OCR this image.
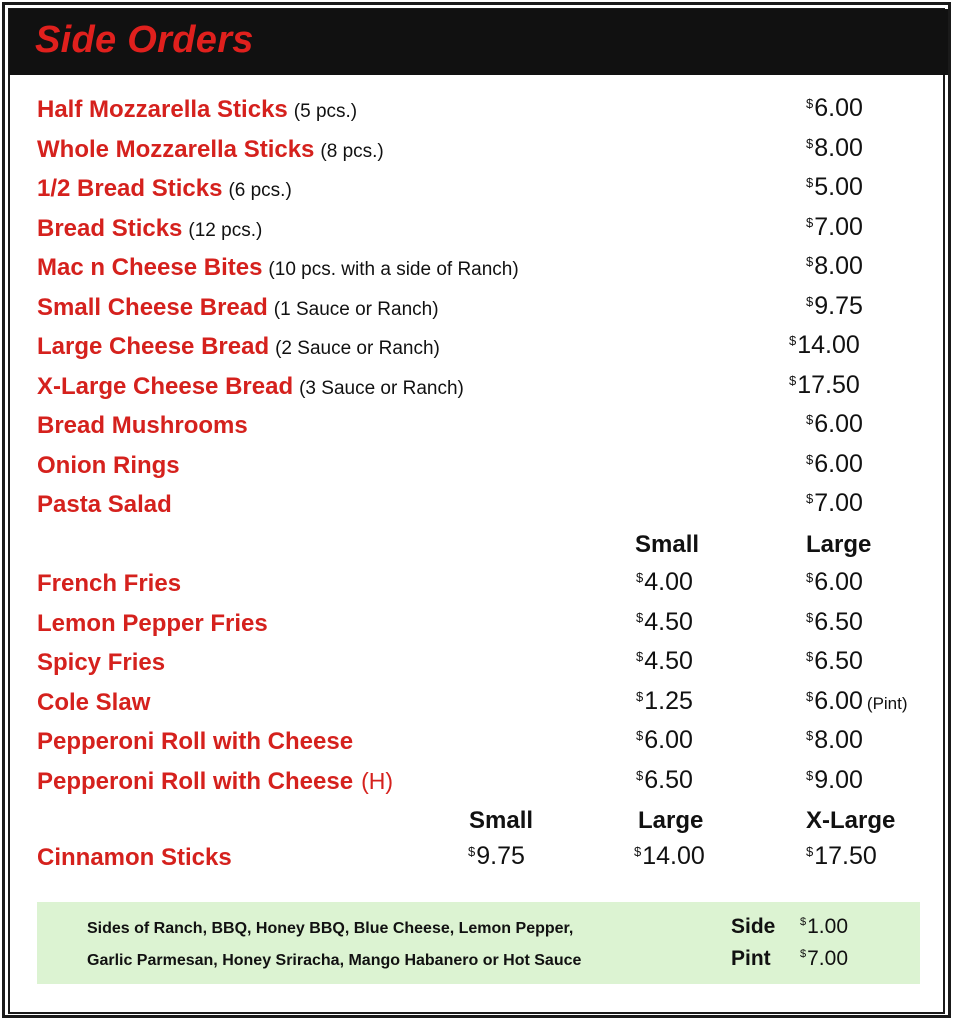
Side Orders
Half Mozzarella Sticks (5 pcs.)	$6.00
Whole Mozzarella Sticks (8 pcs.)	$8.00
1/2 Bread Sticks (6 pcs.)	$5.00
Bread Sticks (12 pcs.)	$7.00
Mac n Cheese Bites (10 pcs. with a side of Ranch)	$8.00
Small Cheese Bread (1 Sauce or Ranch)	$9.75
Large Cheese Bread (2 Sauce or Ranch)	$14.00
X-Large Cheese Bread (3 Sauce or Ranch)	$17.50
Bread Mushrooms	$6.00
Onion Rings	$6.00
Pasta Salad	$7.00
Small	Large
French Fries	$4.00	$6.00
Lemon Pepper Fries	$4.50	$6.50
Spicy Fries	$4.50	$6.50
Cole Slaw	$1.25	$6.00 (Pint)
Pepperoni Roll with Cheese	$6.00	$8.00
Pepperoni Roll with Cheese (H)	$6.50	$9.00
Small	Large	X-Large
Cinnamon Sticks	$9.75	$14.00	$17.50
Sides of Ranch, BBQ, Honey BBQ, Blue Cheese, Lemon Pepper,
Garlic Parmesan, Honey Sriracha, Mango Habanero or Hot Sauce
Side $1.00
Pint	$7.00
